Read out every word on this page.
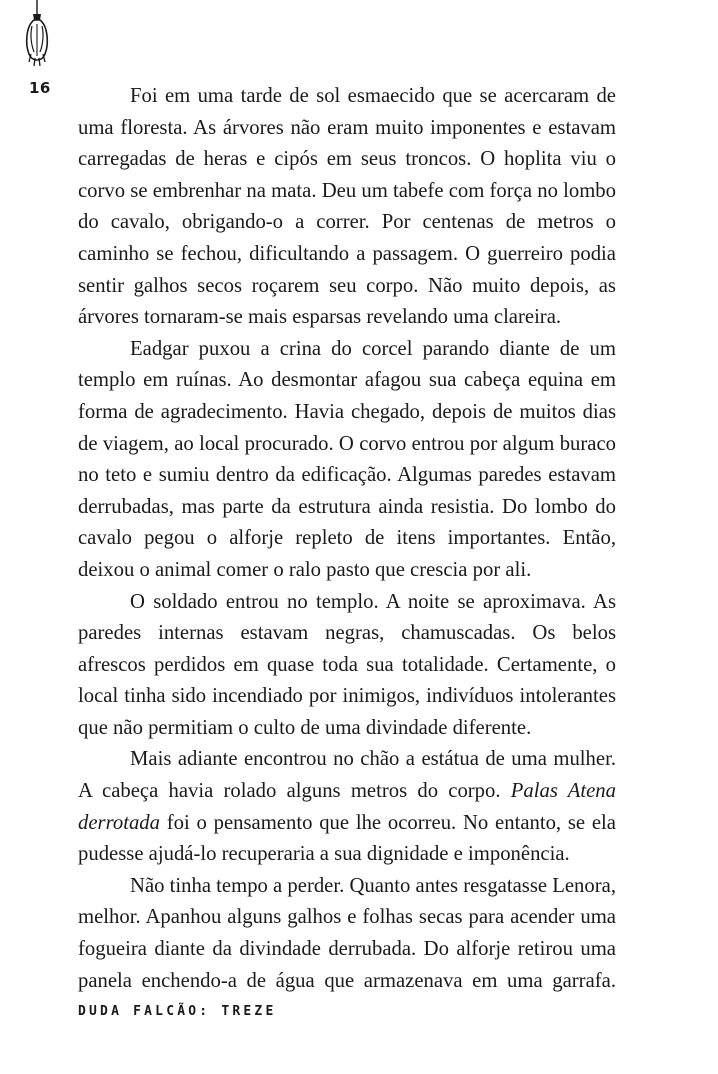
16	Foi em uma tarde de sol esmaecido que se acercaram de uma floresta. As árvores não eram muito imponentes e estavam carregadas de heras e cipós em seus troncos. O hoplita viu o corvo se embrenhar na mata. Deu um tabefe com força no lombo do cavalo, obrigando-o a correr. Por centenas de metros o caminho se fechou, dificultando a passagem. O guerreiro podia sentir galhos secos roçarem seu corpo. Não muito depois, as árvores tornaram-se mais esparsas revelando uma clareira.

Eadgar puxou a crina do corcel parando diante de um templo em ruínas. Ao desmontar afagou sua cabeça equina em forma de agradecimento. Havia chegado, depois de muitos dias de viagem, ao local procurado. O corvo entrou por algum buraco no teto e sumiu dentro da edificação. Algumas paredes estavam derrubadas, mas parte da estrutura ainda resistia. Do lombo do cavalo pegou o alforje repleto de itens importantes. Então, deixou o animal comer o ralo pasto que crescia por ali.

O soldado entrou no templo. A noite se aproximava. As paredes internas estavam negras, chamuscadas. Os belos afrescos perdidos em quase toda sua totalidade. Certamente, o local tinha sido incendiado por inimigos, indivíduos intolerantes que não permitiam o culto de uma divindade diferente.

Mais adiante encontrou no chão a estátua de uma mulher. A cabeça havia rolado alguns metros do corpo. Palas Atena derrotada foi o pensamento que lhe ocorreu. No entanto, se ela pudesse ajudá-lo recuperaria a sua dignidade e imponência.

Não tinha tempo a perder. Quanto antes resgatasse Lenora, melhor. Apanhou alguns galhos e folhas secas para acender uma fogueira diante da divindade derrubada. Do alforje retirou uma panela enchendo-a de água que armazenava em uma garrafa.

DUDA FALCÃO: TREZE
